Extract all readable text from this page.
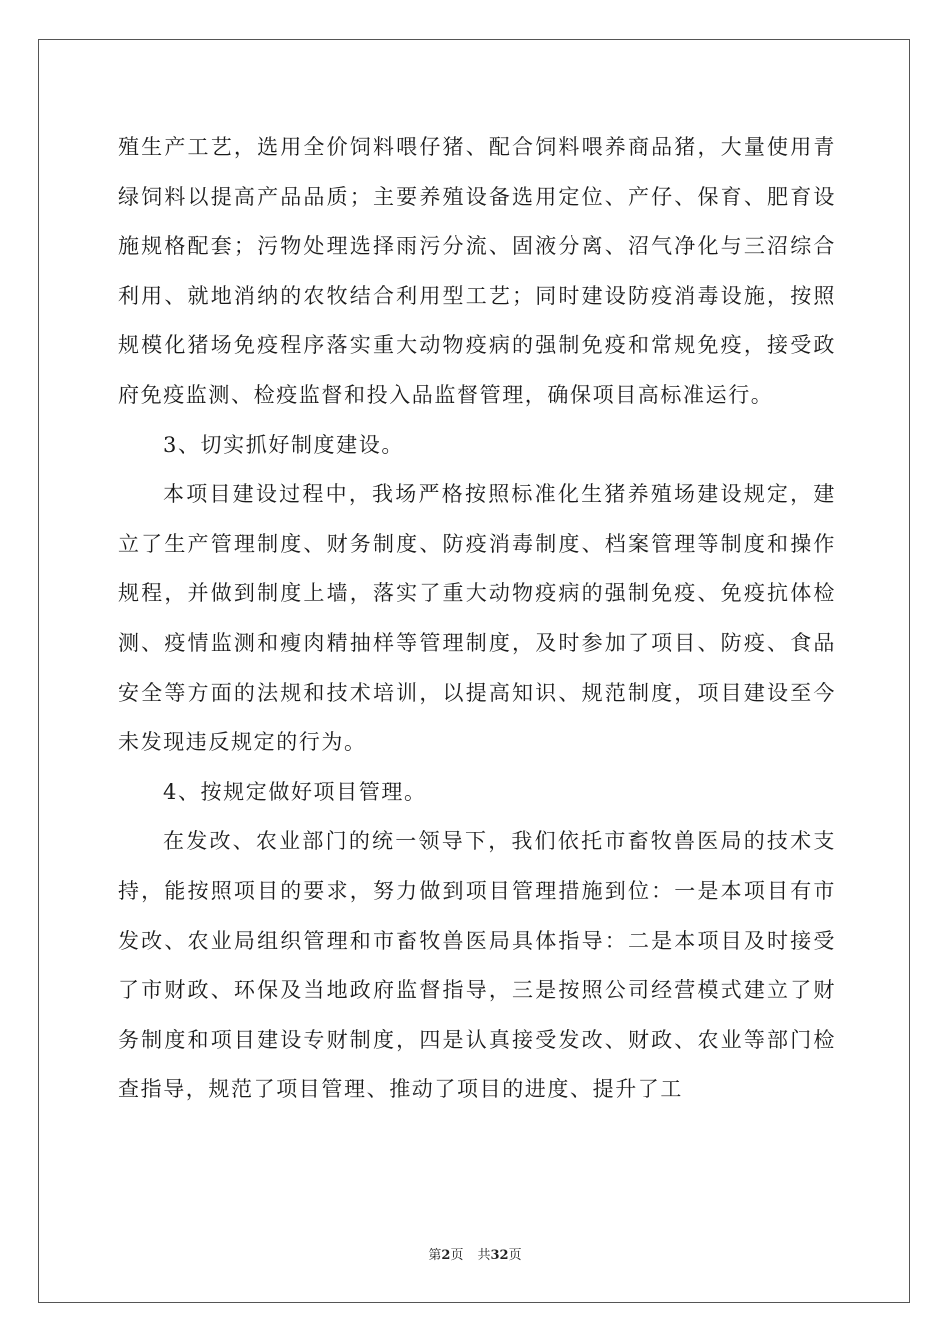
殖生产工艺，选用全价饲料喂仔猪、配合饲料喂养商品猪，大量使用青绿饲料以提高产品品质；主要养殖设备选用定位、产仔、保育、肥育设施规格配套；污物处理选择雨污分流、固液分离、沼气净化与三沼综合利用、就地消纳的农牧结合利用型工艺；同时建设防疫消毒设施，按照规模化猪场免疫程序落实重大动物疫病的强制免疫和常规免疫，接受政府免疫监测、检疫监督和投入品监督管理，确保项目高标准运行。

3、切实抓好制度建设。

本项目建设过程中，我场严格按照标准化生猪养殖场建设规定，建立了生产管理制度、财务制度、防疫消毒制度、档案管理等制度和操作规程，并做到制度上墙，落实了重大动物疫病的强制免疫、免疫抗体检测、疫情监测和瘦肉精抽样等管理制度，及时参加了项目、防疫、食品安全等方面的法规和技术培训，以提高知识、规范制度，项目建设至今未发现违反规定的行为。

4、按规定做好项目管理。

在发改、农业部门的统一领导下，我们依托市畜牧兽医局的技术支持，能按照项目的要求，努力做到项目管理措施到位：一是本项目有市发改、农业局组织管理和市畜牧兽医局具体指导：二是本项目及时接受了市财政、环保及当地政府监督指导，三是按照公司经营模式建立了财务制度和项目建设专财制度，四是认真接受发改、财政、农业等部门检查指导，规范了项目管理、推动了项目的进度、提升了工

第2页 共32页
